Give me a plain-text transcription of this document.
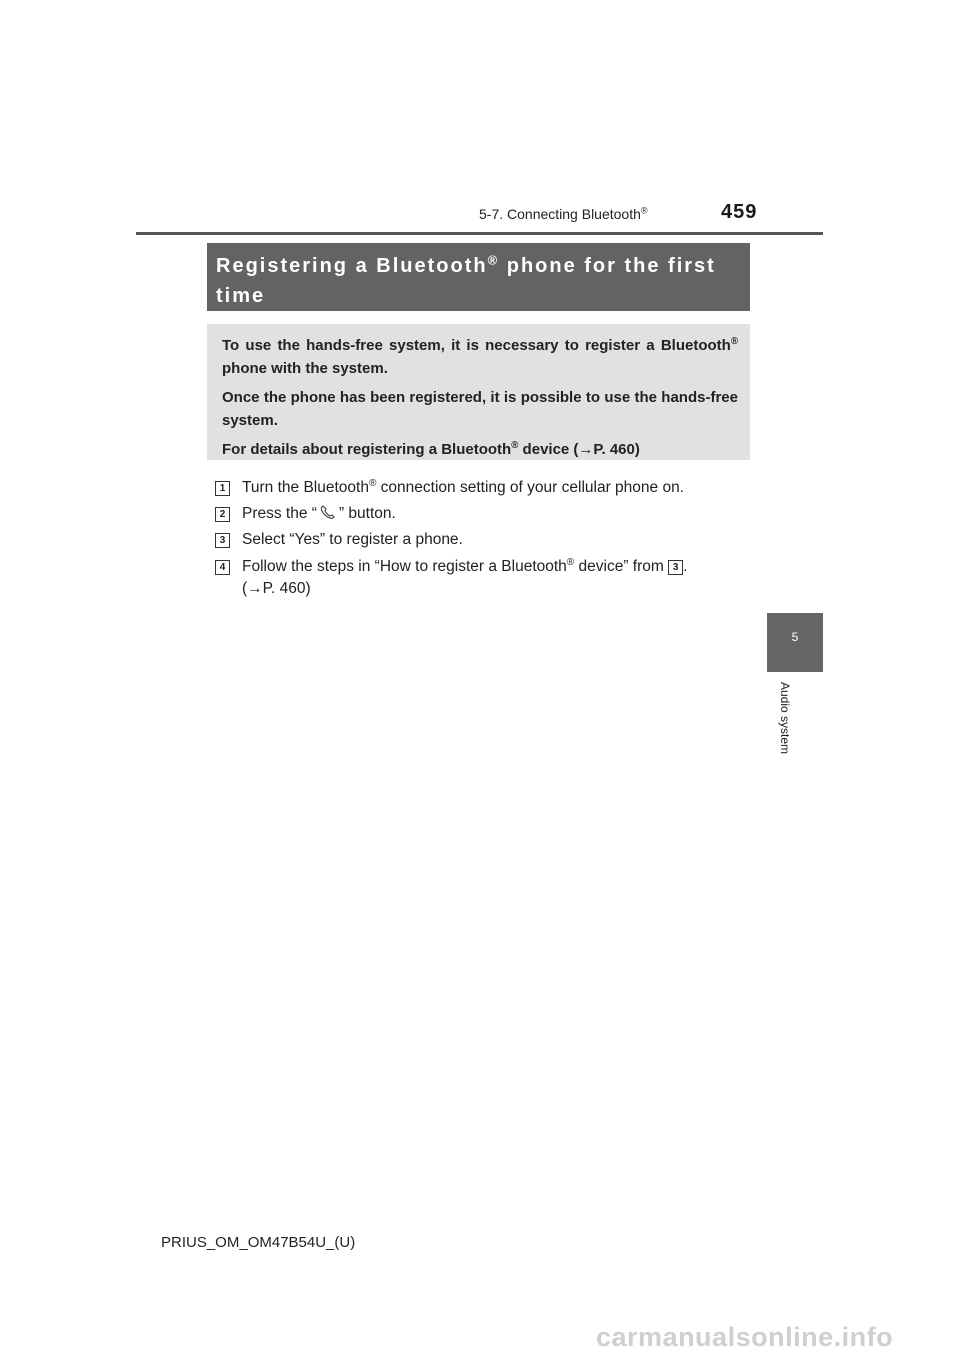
5-7. Connecting Bluetooth®	459
Registering a Bluetooth® phone for the first time

To use the hands-free system, it is necessary to register a Bluetooth® phone with the system.

Once the phone has been registered, it is possible to use the hands-free system.

For details about registering a Bluetooth® device (→P. 460)

1	Turn the Bluetooth® connection setting of your cellular phone on.
2	Press the “ ” button.
3	Select “Yes” to register a phone.
4	Follow the steps in “How to register a Bluetooth® device” from 3 .
(→P. 460)
5
Audio system
PRIUS_OM_OM47B54U_(U)
carmanualsonline.info
